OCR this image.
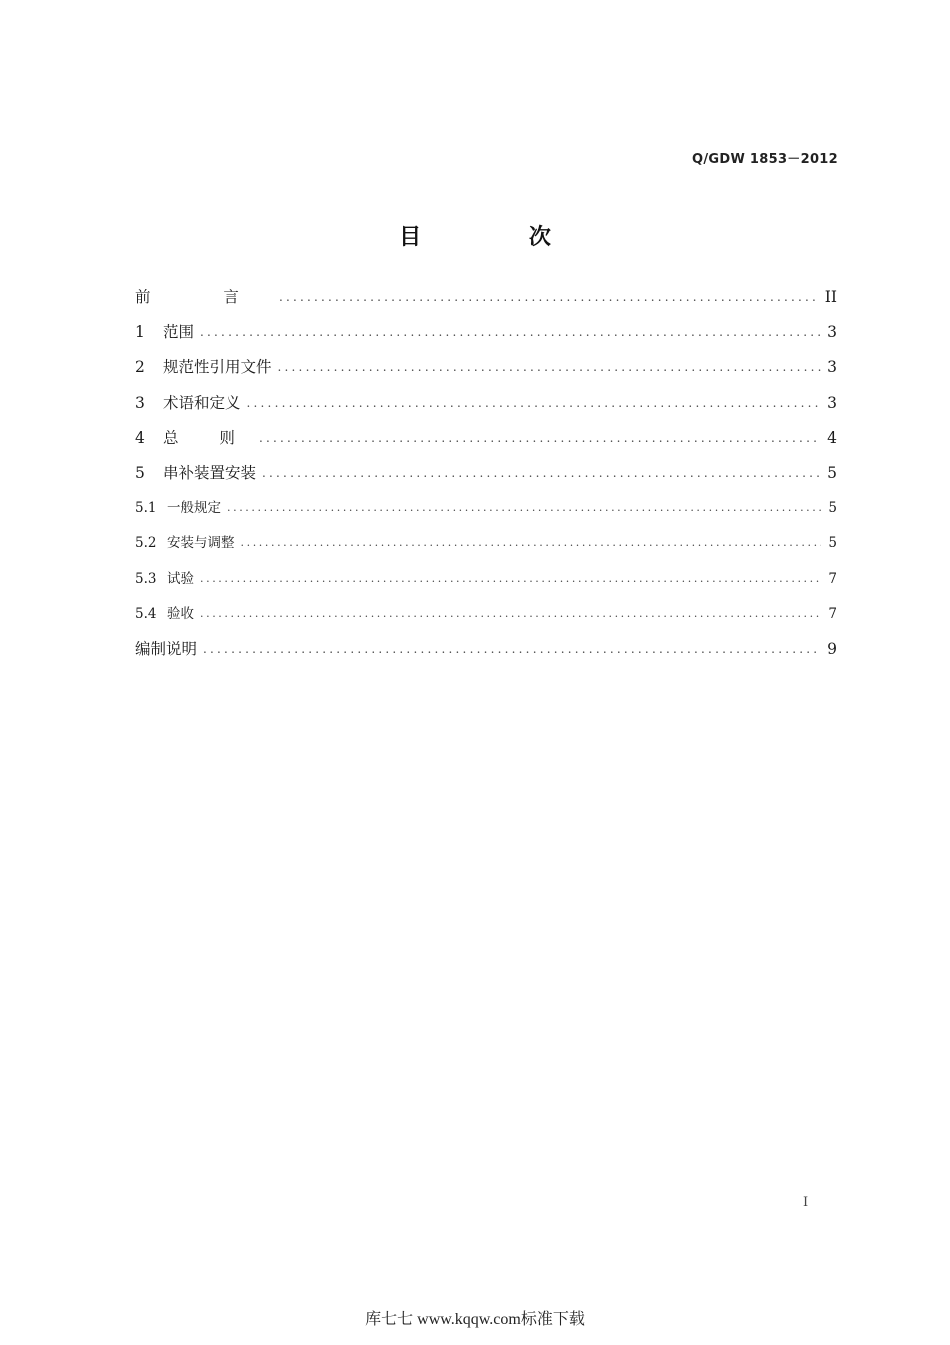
Q/GDW 1853－2012
目 次
前 言 .....	II
1	范围 .....	3
2	规范性引用文件 .....	3
3	术语和定义 .....	3
4	总 则 .....	4
5	串补装置安装 .....	5
5.1 一般规定 .....	5
5.2 安装与调整 .....	5
5.3 试验 .....	7
5.4 验收 .....	7
编制说明 .....	9
I
库七七 www.kqqw.com标准下载
